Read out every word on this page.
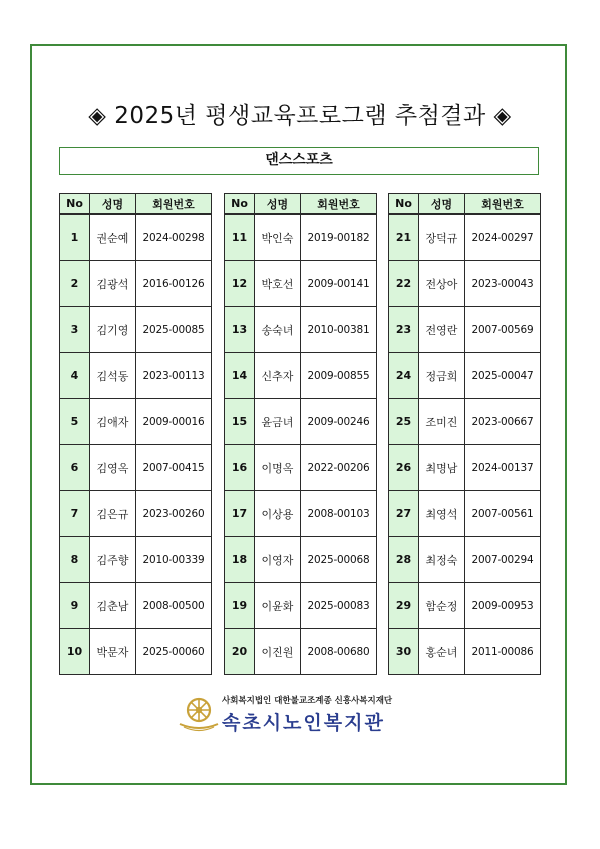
◈ 2025년 평생교육프로그램 추첨결과 ◈
댄스스포츠
No	성명	회원번호
1	권순예	2024-00298
2	김광석	2016-00126
3	김기영	2025-00085
4	김석동	2023-00113
5	김애자	2009-00016
6	김영옥	2007-00415
7	김은규	2023-00260
8	김주향	2010-00339
9	김춘남	2008-00500
10	박문자	2025-00060
No	성명	회원번호
11	박인숙	2019-00182
12	박호선	2009-00141
13	송숙녀	2010-00381
14	신추자	2009-00855
15	윤금녀	2009-00246
16	이명옥	2022-00206
17	이상용	2008-00103
18	이영자	2025-00068
19	이윤화	2025-00083
20	이진원	2008-00680
No	성명	회원번호
21	장덕규	2024-00297
22	전상아	2023-00043
23	전영란	2007-00569
24	정금희	2025-00047
25	조미진	2023-00667
26	최명남	2024-00137
27	최영석	2007-00561
28	최정숙	2007-00294
29	함순정	2009-00953
30	홍순녀	2011-00086
사회복지법인 대한불교조계종 신흥사복지재단
속초시노인복지관
